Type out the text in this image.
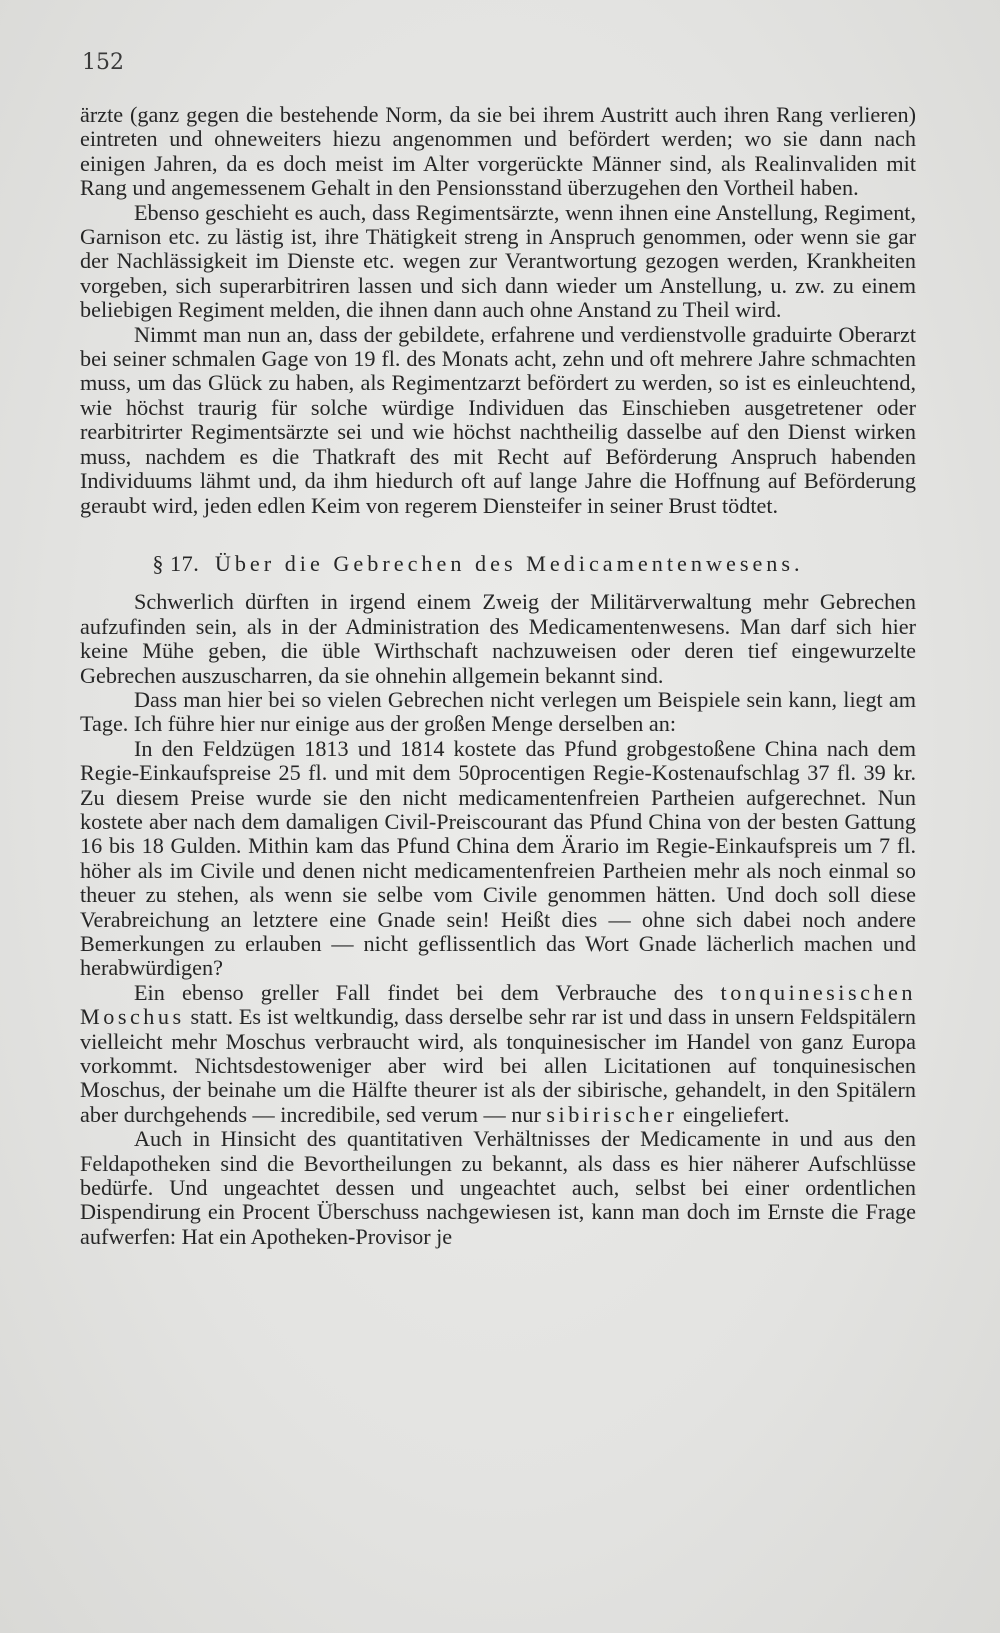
152

ärzte (ganz gegen die bestehende Norm, da sie bei ihrem Austritt auch ihren Rang verlieren) eintreten und ohneweiters hiezu angenommen und befördert werden; wo sie dann nach einigen Jahren, da es doch meist im Alter vorgerückte Männer sind, als Realinvaliden mit Rang und angemessenem Gehalt in den Pensionsstand überzugehen den Vortheil haben.

Ebenso geschieht es auch, dass Regimentsärzte, wenn ihnen eine Anstellung, Regiment, Garnison etc. zu lästig ist, ihre Thätigkeit streng in Anspruch genommen, oder wenn sie gar der Nachlässigkeit im Dienste etc. wegen zur Verantwortung gezogen werden, Krankheiten vorgeben, sich superarbitriren lassen und sich dann wieder um Anstellung, u. zw. zu einem beliebigen Regiment melden, die ihnen dann auch ohne Anstand zu Theil wird.

Nimmt man nun an, dass der gebildete, erfahrene und verdienstvolle graduirte Oberarzt bei seiner schmalen Gage von 19 fl. des Monats acht, zehn und oft mehrere Jahre schmachten muss, um das Glück zu haben, als Regimentzarzt befördert zu werden, so ist es einleuchtend, wie höchst traurig für solche würdige Individuen das Einschieben ausgetretener oder rearbitrirter Regimentsärzte sei und wie höchst nachtheilig dasselbe auf den Dienst wirken muss, nachdem es die Thatkraft des mit Recht auf Beförderung Anspruch habenden Individuums lähmt und, da ihm hiedurch oft auf lange Jahre die Hoffnung auf Beförderung geraubt wird, jeden edlen Keim von regerem Diensteifer in seiner Brust tödtet.

§ 17. Über die Gebrechen des Medicamentenwesens.

Schwerlich dürften in irgend einem Zweig der Militärverwaltung mehr Gebrechen aufzufinden sein, als in der Administration des Medicamentenwesens. Man darf sich hier keine Mühe geben, die üble Wirthschaft nachzuweisen oder deren tief eingewurzelte Gebrechen auszuscharren, da sie ohnehin allgemein bekannt sind.

Dass man hier bei so vielen Gebrechen nicht verlegen um Beispiele sein kann, liegt am Tage. Ich führe hier nur einige aus der großen Menge derselben an:

In den Feldzügen 1813 und 1814 kostete das Pfund grobgestoßene China nach dem Regie-Einkaufspreise 25 fl. und mit dem 50procentigen Regie-Kostenaufschlag 37 fl. 39 kr. Zu diesem Preise wurde sie den nicht medicamentenfreien Partheien aufgerechnet. Nun kostete aber nach dem damaligen Civil-Preiscourant das Pfund China von der besten Gattung 16 bis 18 Gulden. Mithin kam das Pfund China dem Ärario im Regie-Einkaufspreis um 7 fl. höher als im Civile und denen nicht medicamentenfreien Partheien mehr als noch einmal so theuer zu stehen, als wenn sie selbe vom Civile genommen hätten. Und doch soll diese Verabreichung an letztere eine Gnade sein! Heißt dies — ohne sich dabei noch andere Bemerkungen zu erlauben — nicht geflissentlich das Wort Gnade lächerlich machen und herabwürdigen?

Ein ebenso greller Fall findet bei dem Verbrauche des tonquinesischen Moschus statt. Es ist weltkundig, dass derselbe sehr rar ist und dass in unsern Feldspitälern vielleicht mehr Moschus verbraucht wird, als tonquinesischer im Handel von ganz Europa vorkommt. Nichtsdestoweniger aber wird bei allen Licitationen auf tonquinesischen Moschus, der beinahe um die Hälfte theurer ist als der sibirische, gehandelt, in den Spitälern aber durchgehends — incredibile, sed verum — nur sibirischer eingeliefert.

Auch in Hinsicht des quantitativen Verhältnisses der Medicamente in und aus den Feldapotheken sind die Bevortheilungen zu bekannt, als dass es hier näherer Aufschlüsse bedürfe. Und ungeachtet dessen und ungeachtet auch, selbst bei einer ordentlichen Dispendirung ein Procent Überschuss nachgewiesen ist, kann man doch im Ernste die Frage aufwerfen: Hat ein Apotheken-Provisor je
